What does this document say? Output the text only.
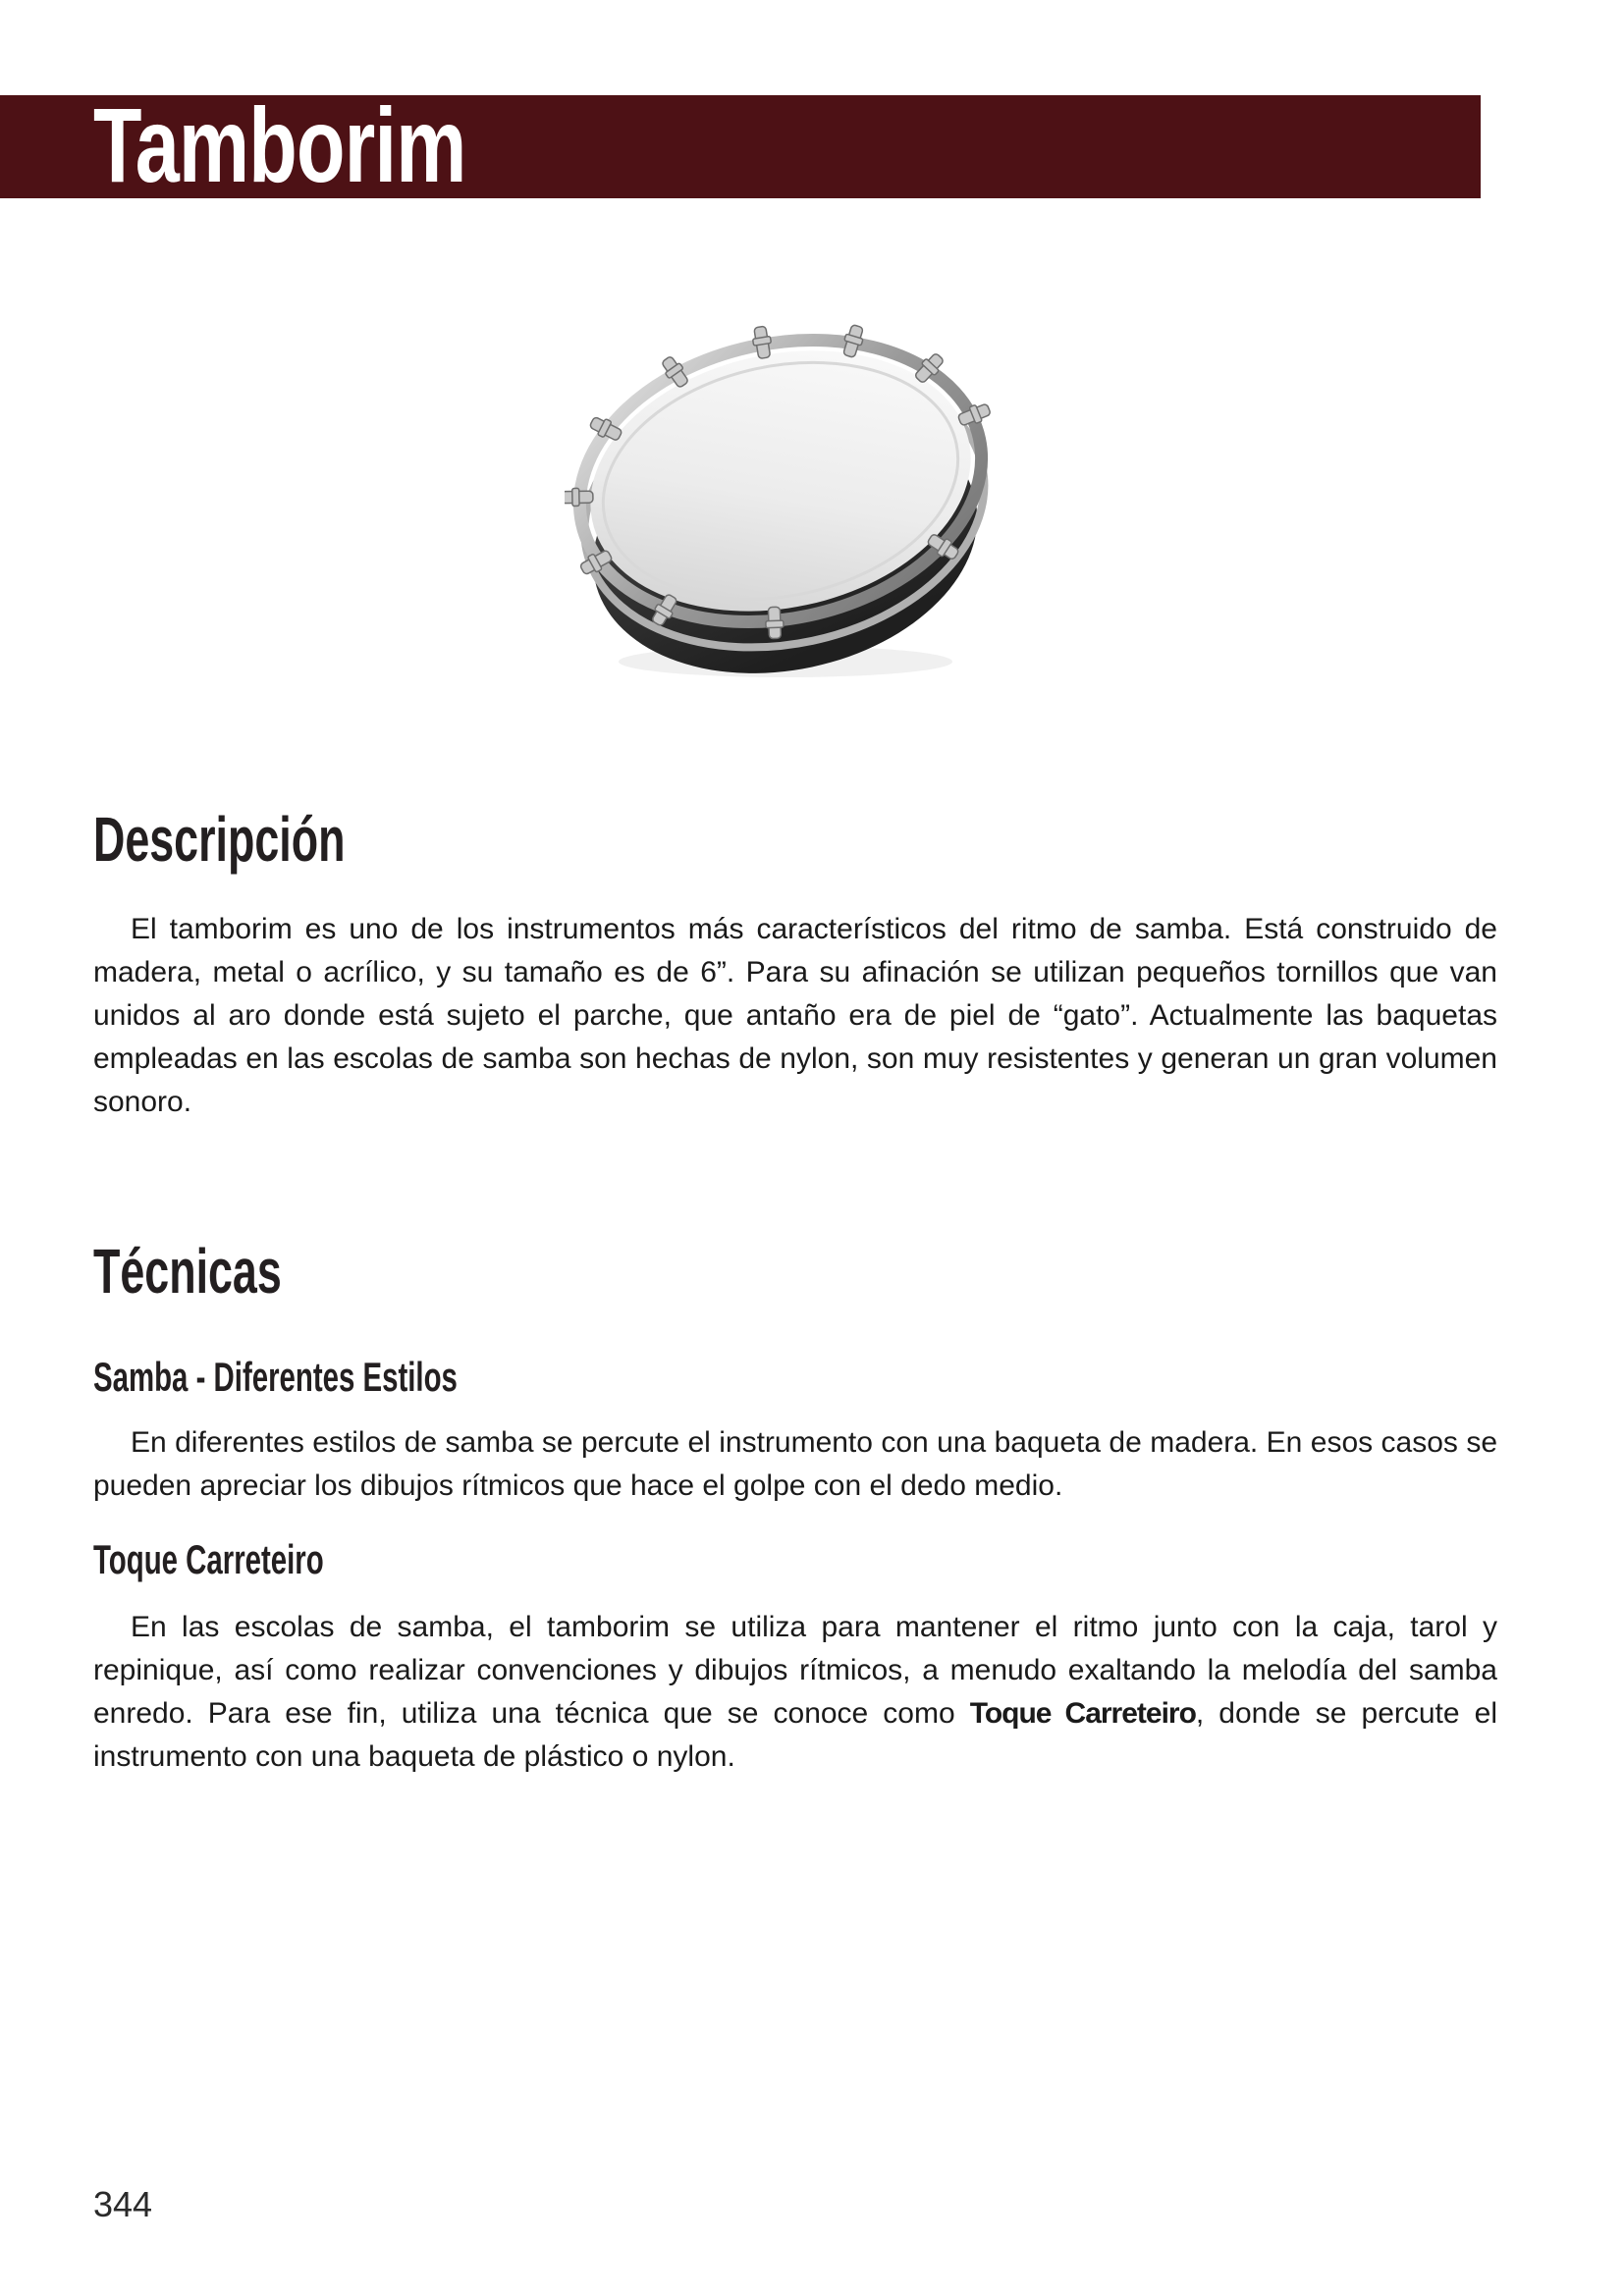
Tamborim
Descripción

El tamborim es uno de los instrumentos más característicos del ritmo de samba. Está construido de madera, metal o acrílico, y su tamaño es de 6”. Para su afinación se utilizan pequeños tornillos que van unidos al aro donde está sujeto el parche, que antaño era de piel de “gato”. Actualmente las baquetas empleadas en las escolas de samba son hechas de nylon, son muy resistentes y generan un gran volumen sonoro.

Técnicas
Samba - Diferentes Estilos

En diferentes estilos de samba se percute el instrumento con una baqueta de madera. En esos casos se pueden apreciar los dibujos rítmicos que hace el golpe con el dedo medio.

Toque Carreteiro

En las escolas de samba, el tamborim se utiliza para mantener el ritmo junto con la caja, tarol y repinique, así como realizar convenciones y dibujos rítmicos, a menudo exaltando la melodía del samba enredo. Para ese fin, utiliza una técnica que se conoce como Toque Carreteiro, donde se percute el instrumento con una baqueta de plástico o nylon.

344
